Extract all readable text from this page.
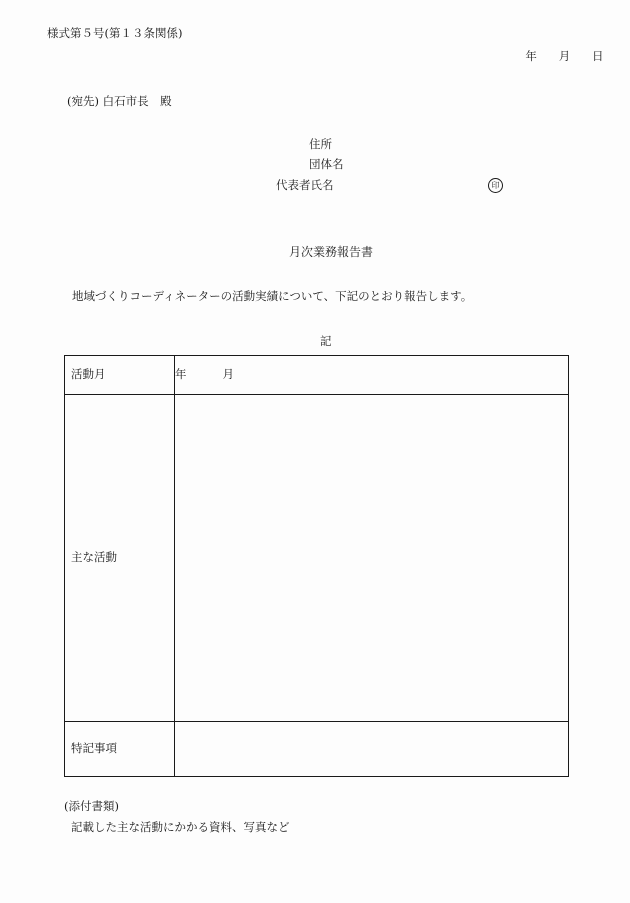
様式第５号(第１３条関係)
年 月 日
(宛先) 白石市長　殿
住所
団体名
代表者氏名	印
月次業務報告書
地域づくりコーディネーターの活動実績について、下記のとおり報告します。
記
活動月	年 月
主な活動	
特記事項	
(添付書類)
記載した主な活動にかかる資料、写真など
